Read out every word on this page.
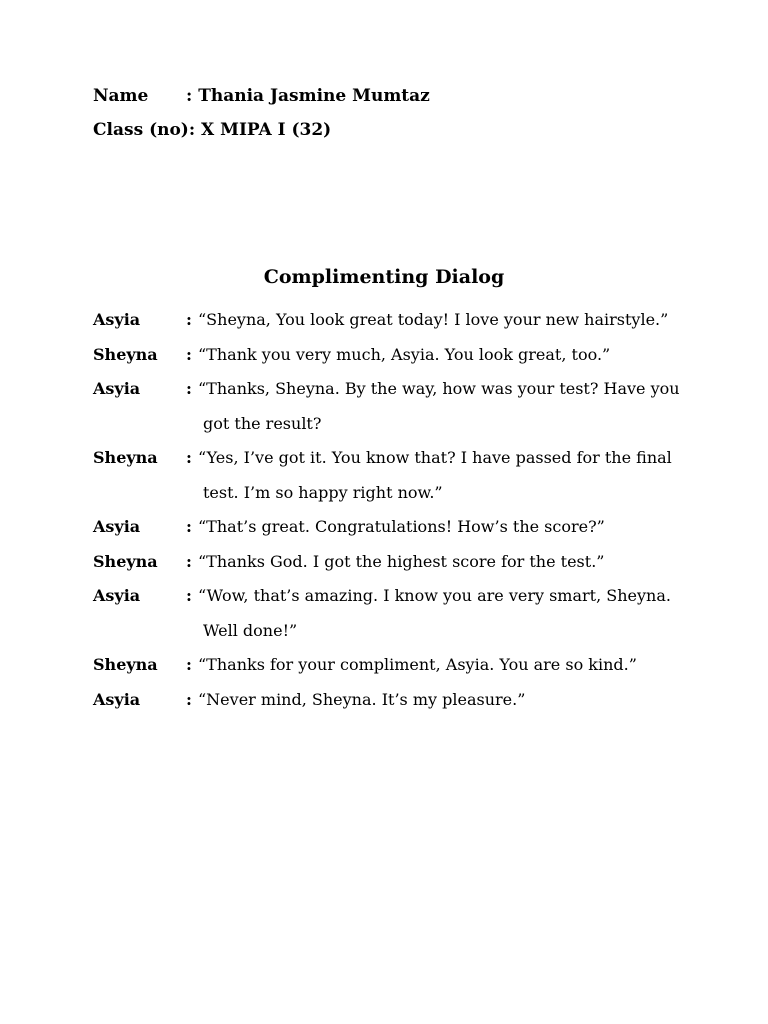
Name : Thania Jasmine Mumtaz
Class (no): X MIPA I (32)
Complimenting Dialog
Asyia	: “Sheyna, You look great today! I love your new hairstyle.”
Sheyna : “Thank you very much, Asyia. You look great, too.”
Asyia	: “Thanks, Sheyna. By the way, how was your test? Have you
got the result?
Sheyna : “Yes, I’ve got it. You know that? I have passed for the final
test. I’m so happy right now.”
Asyia	: “That’s great. Congratulations! How’s the score?”
Sheyna : “Thanks God. I got the highest score for the test.”
Asyia	: “Wow, that’s amazing. I know you are very smart, Sheyna.
Well done!”
Sheyna : “Thanks for your compliment, Asyia. You are so kind.”
Asyia	: “Never mind, Sheyna. It’s my pleasure.”
